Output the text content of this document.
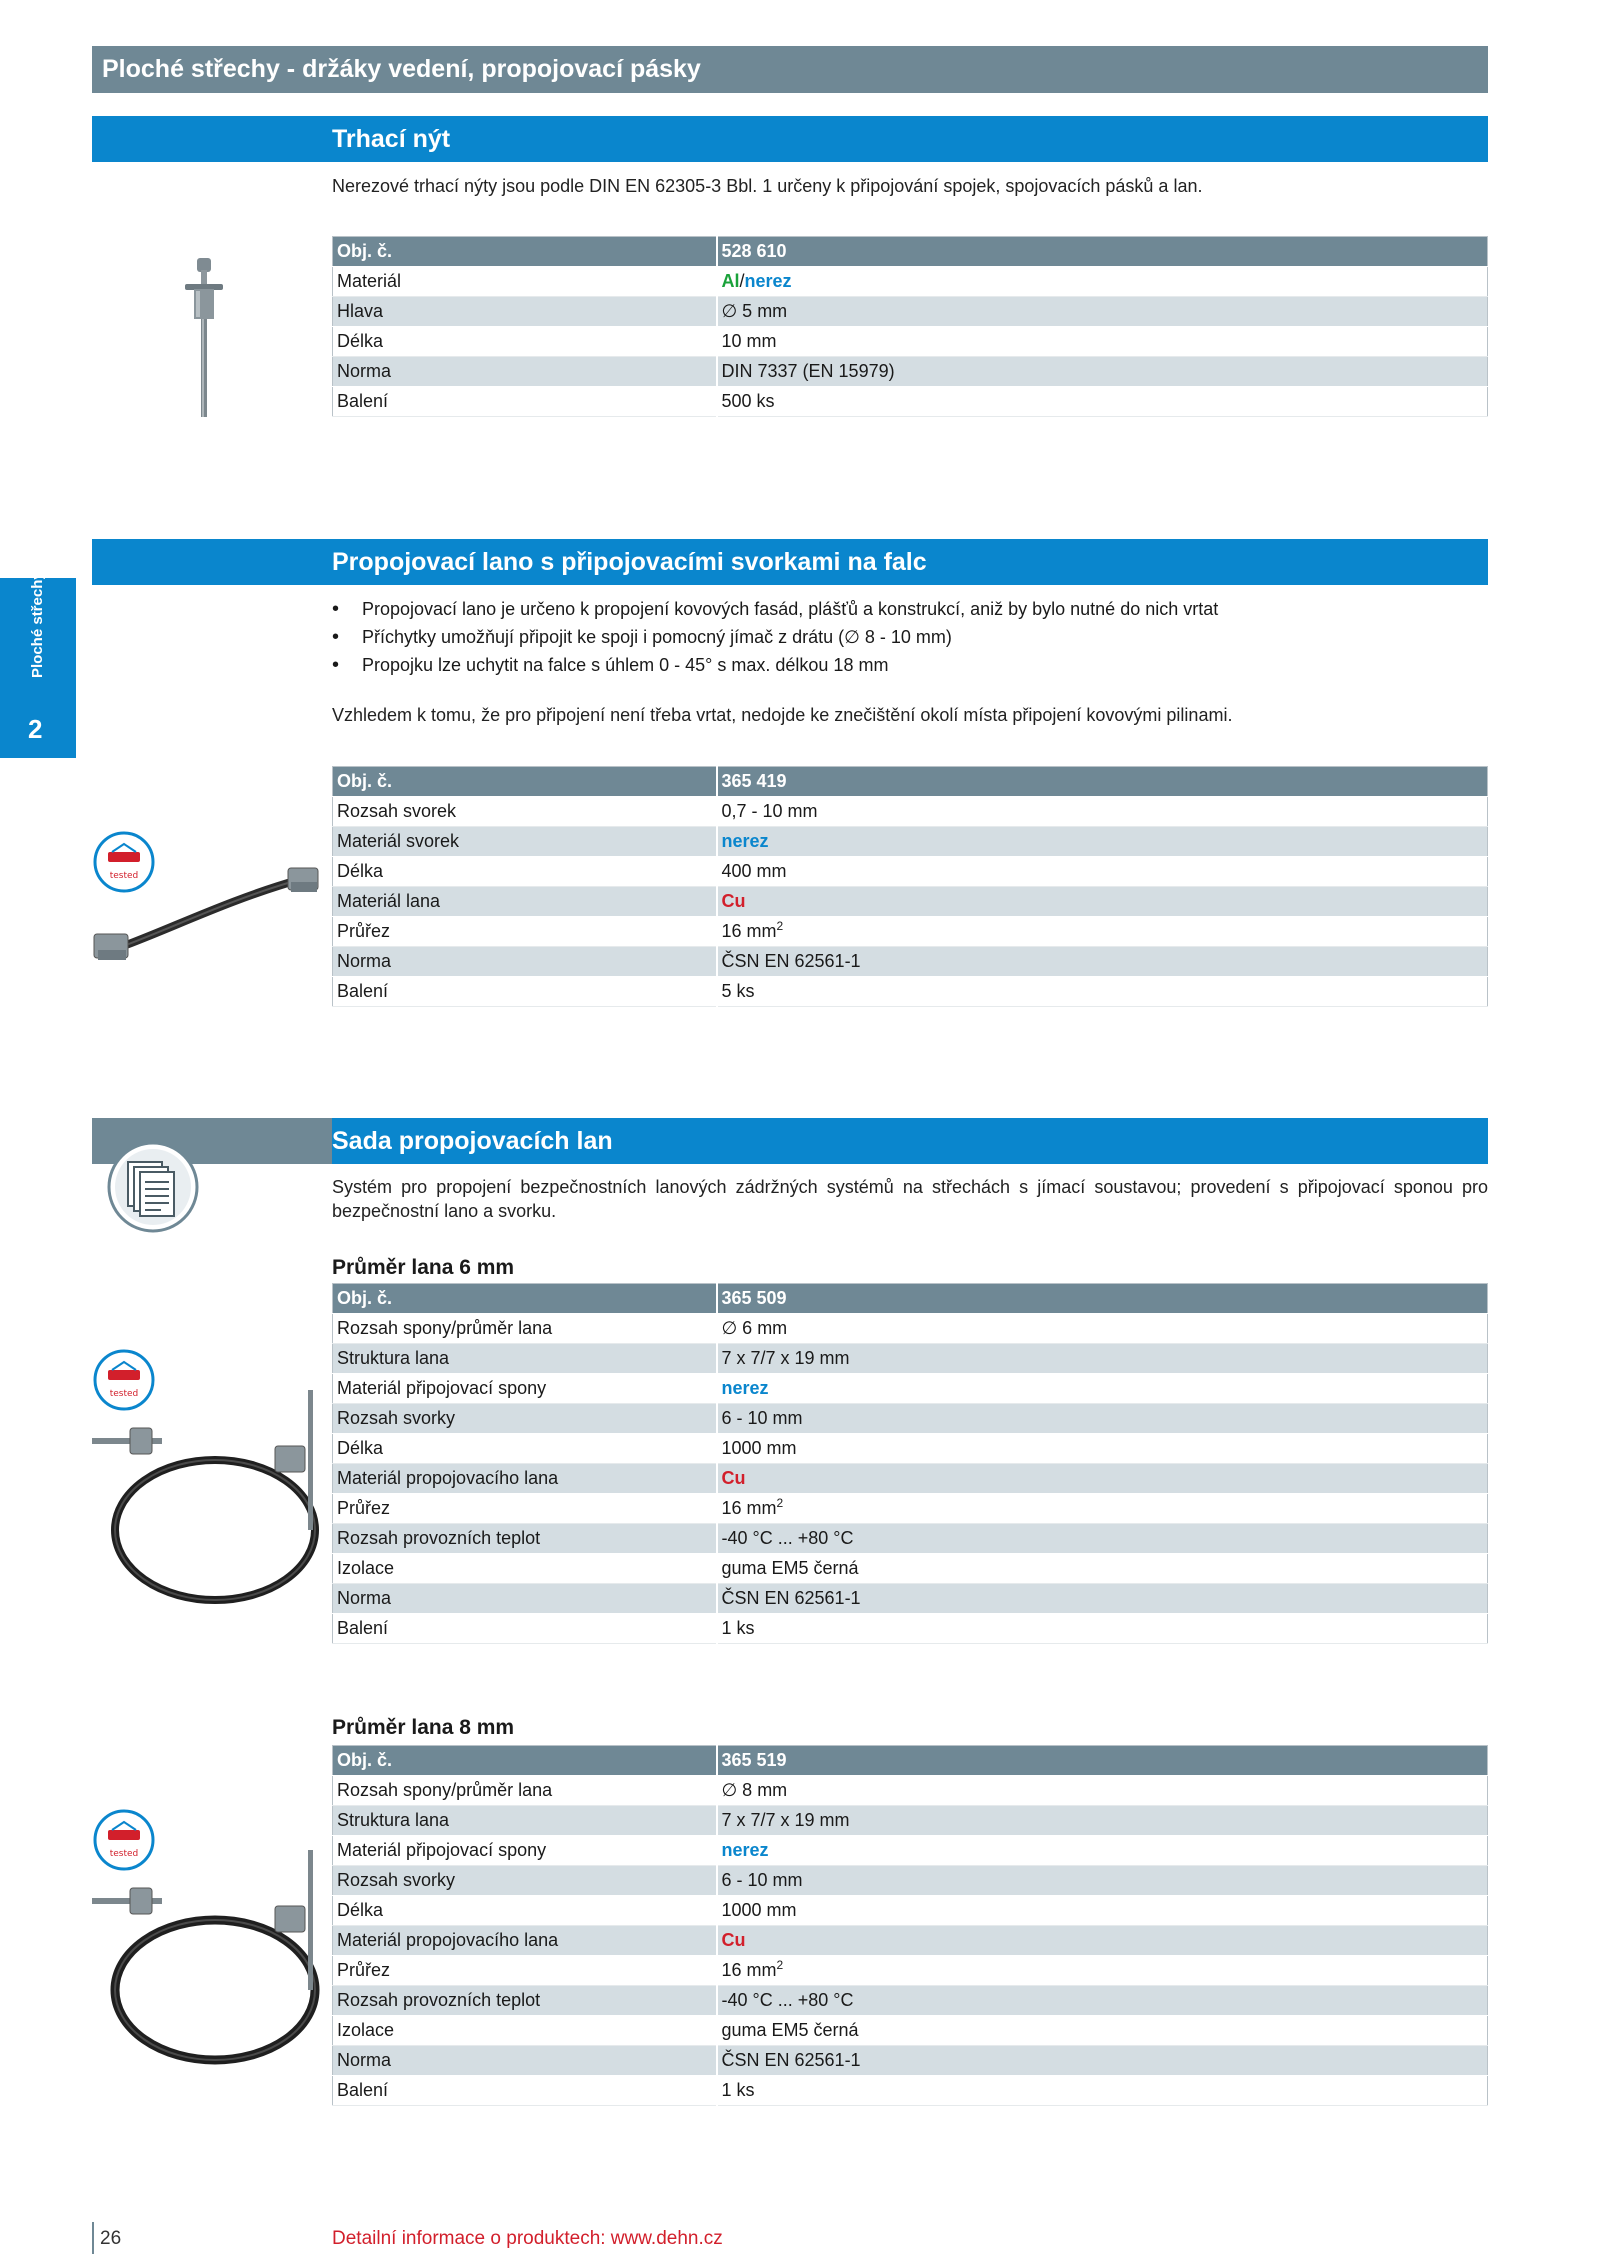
Ploché střechy - držáky vedení, propojovací pásky
Ploché střechy
2
Trhací nýt
Nerezové trhací nýty jsou podle DIN EN 62305-3 Bbl. 1 určeny k připojování spojek, spojovacích pásků a lan.
Obj. č.	528 610
Materiál	Al/nerez
Hlava	∅ 5 mm
Délka	10 mm
Norma	DIN 7337 (EN 15979)
Balení	500 ks
Propojovací lano s připojovacími svorkami na falc
• Propojovací lano je určeno k propojení kovových fasád, plášťů a konstrukcí, aniž by bylo nutné do nich vrtat
• Příchytky umožňují připojit ke spoji i pomocný jímač z drátu (∅ 8 - 10 mm)
• Propojku lze uchytit na falce s úhlem 0 - 45° s max. délkou 18 mm
Vzhledem k tomu, že pro připojení není třeba vrtat, nedojde ke znečištění okolí místa připojení kovovými pilinami.
tested
Obj. č.	365 419
Rozsah svorek	0,7 - 10 mm
Materiál svorek	nerez
Délka	400 mm
Materiál lana	Cu
Průřez	16 $mm^2$
Norma	ČSN EN 62561-1
Balení	5 ks
Sada propojovacích lan
Systém pro propojení bezpečnostních lanových zádržných systémů na střechách s jímací soustavou; provedení s připojovací sponou pro bezpečnostní lano a svorku.
Průměr lana 6 mm
tested
Obj. č.	365 509
Rozsah spony/průměr lana	∅ 6 mm
Struktura lana	7 x 7/7 x 19 mm
Materiál připojovací spony	nerez
Rozsah svorky	6 - 10 mm
Délka	1000 mm
Materiál propojovacího lana	Cu
Průřez	16 $mm^2$
Rozsah provozních teplot	-40 °C ... +80 °C
Izolace	guma EM5 černá
Norma	ČSN EN 62561-1
Balení	1 ks
Průměr lana 8 mm
tested
Obj. č.	365 519
Rozsah spony/průměr lana	∅ 8 mm
Struktura lana	7 x 7/7 x 19 mm
Materiál připojovací spony	nerez
Rozsah svorky	6 - 10 mm
Délka	1000 mm
Materiál propojovacího lana	Cu
Průřez	16 $mm^2$
Rozsah provozních teplot	-40 °C ... +80 °C
Izolace	guma EM5 černá
Norma	ČSN EN 62561-1
Balení	1 ks
26	Detailní informace o produktech: www.dehn.cz
